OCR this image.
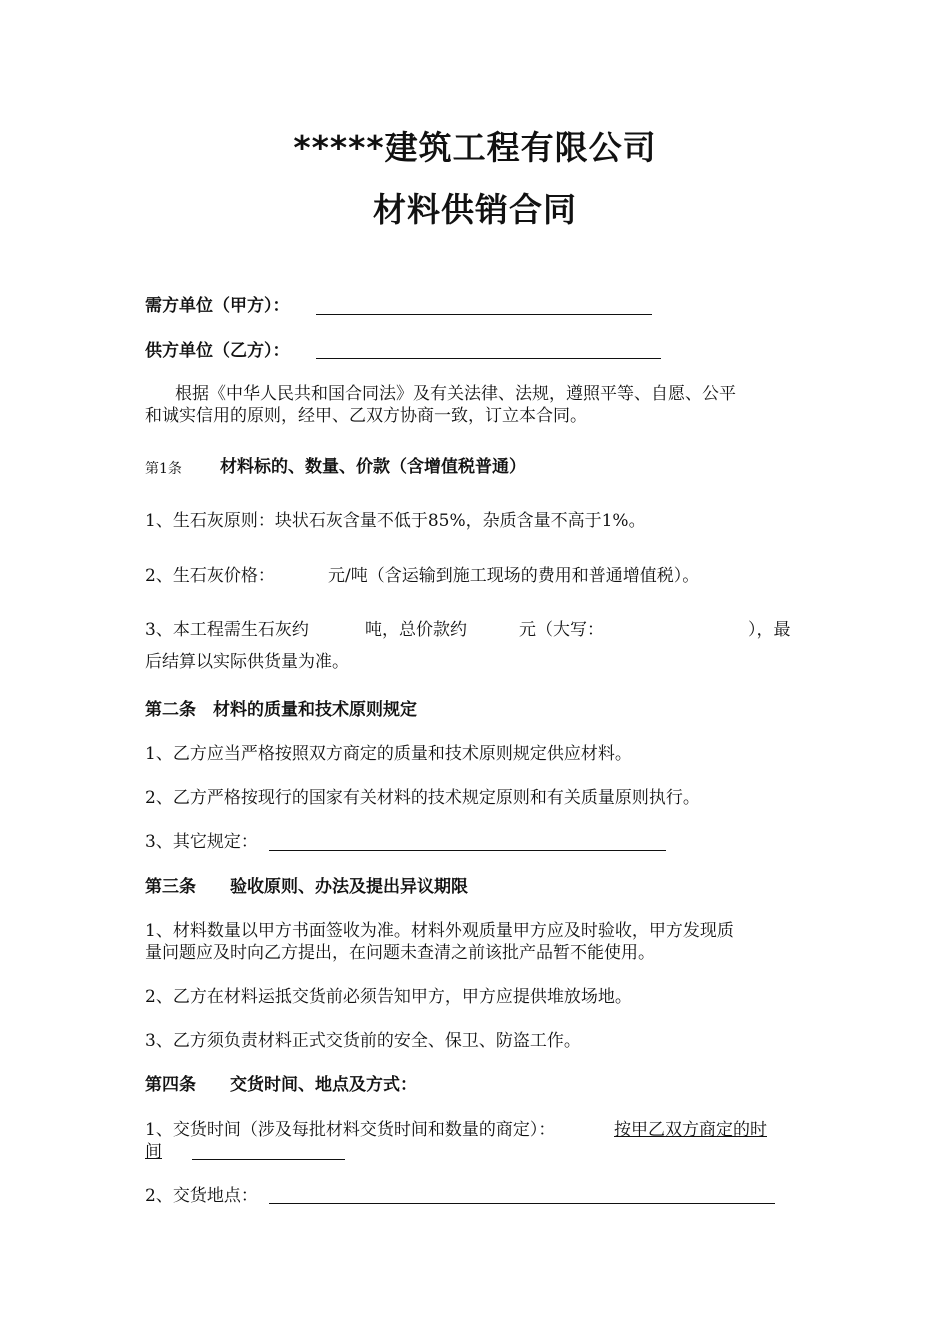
*****建筑工程有限公司
材料供销合同
需方单位（甲方）：
供方单位（乙方）：
根据《中华人民共和国合同法》及有关法律、法规，遵照平等、自愿、公平
和诚实信用的原则，经甲、乙双方协商一致，订立本合同。
第1条 材料标的、数量、价款（含增值税普通）
1、生石灰原则：块状石灰含量不低于85%，杂质含量不高于1%。
2、生石灰价格：	元/吨（含运输到施工现场的费用和普通增值税）。
3、本工程需生石灰约	吨，总价款约	元（大写：	），最
后结算以实际供货量为准。
第二条　材料的质量和技术原则规定
1、乙方应当严格按照双方商定的质量和技术原则规定供应材料。
2、乙方严格按现行的国家有关材料的技术规定原则和有关质量原则执行。
3、其它规定：
第三条 验收原则、办法及提出异议期限
1、材料数量以甲方书面签收为准。材料外观质量甲方应及时验收，甲方发现质
量问题应及时向乙方提出，在问题未查清之前该批产品暂不能使用。
2、乙方在材料运抵交货前必须告知甲方，甲方应提供堆放场地。
3、乙方须负责材料正式交货前的安全、保卫、防盗工作。
第四条 交货时间、地点及方式：
1、交货时间（涉及每批材料交货时间和数量的商定）：	按甲乙双方商定的时
间
2、交货地点：
